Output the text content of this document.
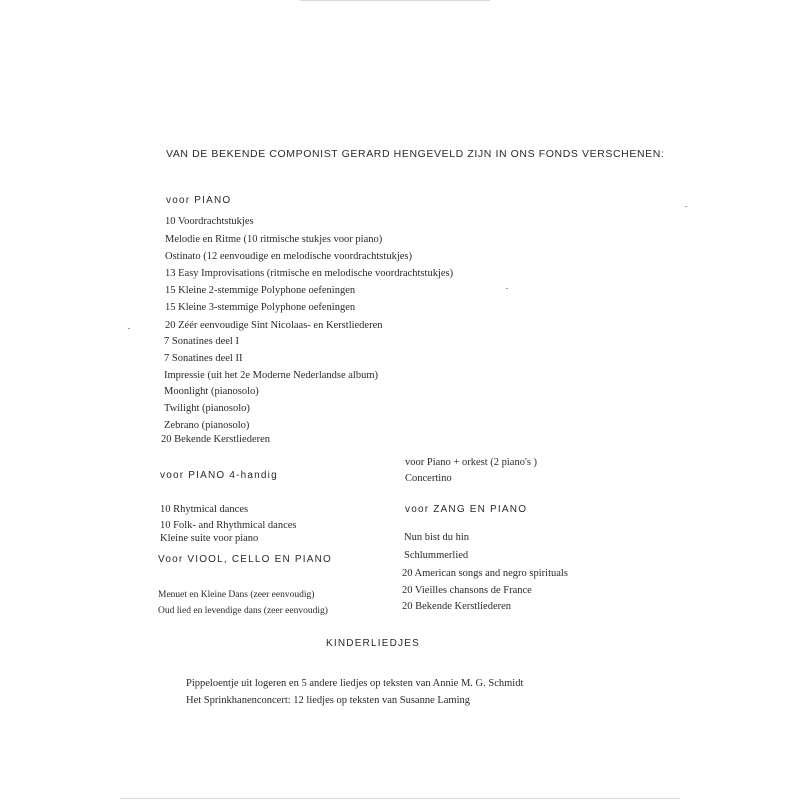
VAN DE BEKENDE COMPONIST GERARD HENGEVELD ZIJN IN ONS FONDS VERSCHENEN:
voor PIANO
10 Voordrachtstukjes
Melodie en Ritme (10 ritmische stukjes voor piano)
Ostinato (12 eenvoudige en melodische voordrachtstukjes)
13 Easy Improvisations (ritmische en melodische voordrachtstukjes)
15 Kleine 2-stemmige Polyphone oefeningen
15 Kleine 3-stemmige Polyphone oefeningen
20 Zéér eenvoudige Sint Nicolaas- en Kerstliederen
7 Sonatines deel I
7 Sonatines deel II
Impressie (uit het 2e Moderne Nederlandse album)
Moonlight (pianosolo)
Twilight (pianosolo)
Zebrano (pianosolo)
20 Bekende Kerstliederen
voor PIANO 4-handig
10 Rhytmical dances
10 Folk- and Rhythmical dances
Kleine suite voor piano
Voor VIOOL, CELLO EN PIANO
Menuet en Kleine Dans (zeer eenvoudig)
Oud lied en levendige dans (zeer eenvoudig)
voor Piano + orkest (2 piano's )
Concertino
voor ZANG EN PIANO
Nun bist du hin
Schlummerlied
20 American songs and negro spirituals
20 Vieilles chansons de France
20 Bekende Kerstliederen
KINDERLIEDJES
Pippeloentje uit logeren en 5 andere liedjes op teksten van Annie M. G. Schmidt
Het Sprinkhanenconcert: 12 liedjes op teksten van Susanne Laming
